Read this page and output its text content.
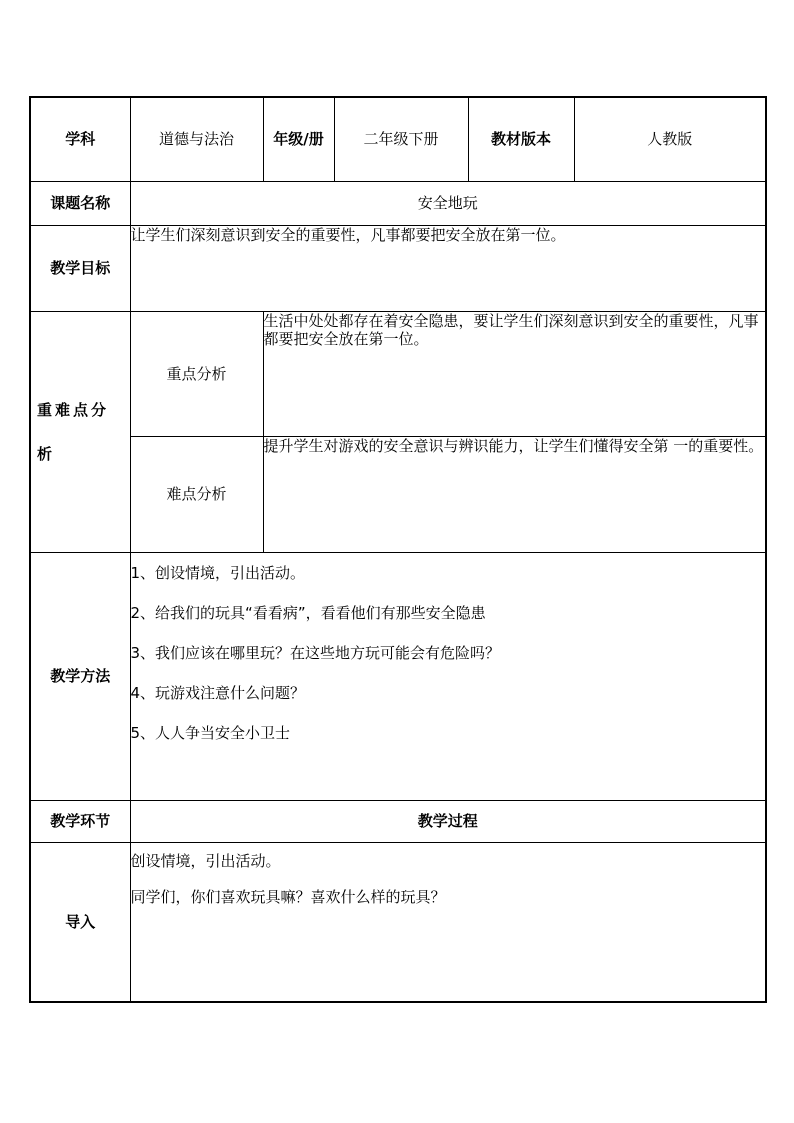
学科	道德与法治	年级/册	二年级下册	教材版本	人教版
课题名称	安全地玩				
教学目标	让学生们深刻意识到安全的重要性，凡事都要把安全放在第一位。				
重难点分析	重点分析	生活中处处都存在着安全隐患，要让学生们深刻意识到安全的重要性，凡事都要把安全放在第一位。			
	难点分析	提升学生对游戏的安全意识与辨识能力，让学生们懂得安全第 一的重要性。			
教学方法	1、创设情境，引出活动。
2、给我们的玩具“看看病”，看看他们有那些安全隐患
3、我们应该在哪里玩？在这些地方玩可能会有危险吗？
4、玩游戏注意什么问题？
5、人人争当安全小卫士				

教学环节	教学过程				
导入	创设情境，引出活动。
同学们，你们喜欢玩具嘛？喜欢什么样的玩具？				
